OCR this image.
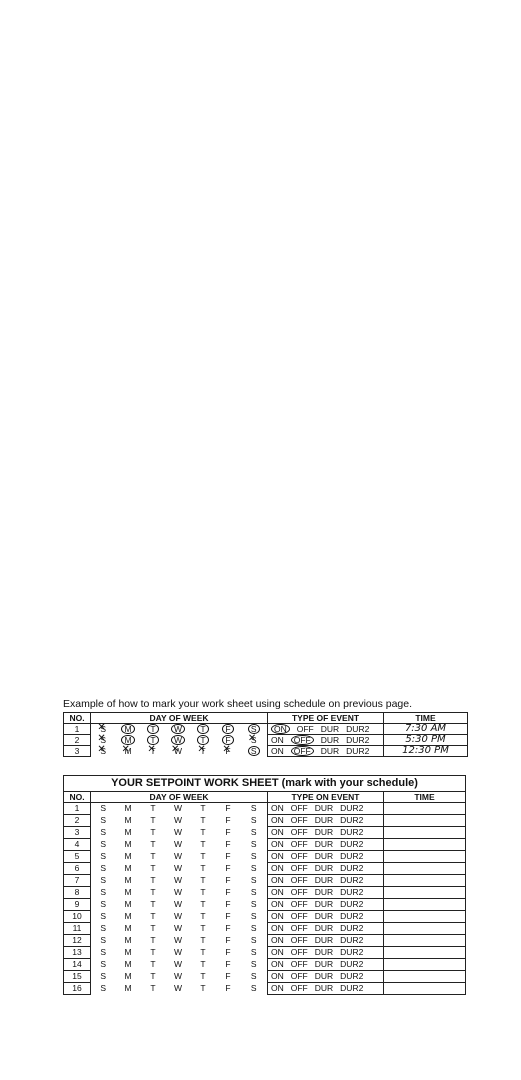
Example of how to mark your work sheet using schedule on previous page.
NO.	DAY OF WEEK							TYPE OF EVENT	TIME
1	S ✕	M	T	W	T	F	S	ON OFF DUR DUR2	7:30 AM
2	S ✕	M	T	W	T	F	S ✕	ON OFF DUR DUR2	5:30 PM
3	S ✕	M ✕	T ✕	W ✕	T ✕	F ✕	S	ON OFF DUR DUR2	12:30 PM
YOUR SETPOINT WORK SHEET (mark with your schedule)									
NO.	DAY OF WEEK							TYPE ON EVENT	TIME
1	S	M	T	W	T	F	S	ON OFF DUR DUR2	
2	S	M	T	W	T	F	S	ON OFF DUR DUR2	
3	S	M	T	W	T	F	S	ON OFF DUR DUR2	
4	S	M	T	W	T	F	S	ON OFF DUR DUR2	
5	S	M	T	W	T	F	S	ON OFF DUR DUR2	
6	S	M	T	W	T	F	S	ON OFF DUR DUR2	
7	S	M	T	W	T	F	S	ON OFF DUR DUR2	
8	S	M	T	W	T	F	S	ON OFF DUR DUR2	
9	S	M	T	W	T	F	S	ON OFF DUR DUR2	
10	S	M	T	W	T	F	S	ON OFF DUR DUR2	
11	S	M	T	W	T	F	S	ON OFF DUR DUR2	
12	S	M	T	W	T	F	S	ON OFF DUR DUR2	
13	S	M	T	W	T	F	S	ON OFF DUR DUR2	
14	S	M	T	W	T	F	S	ON OFF DUR DUR2	
15	S	M	T	W	T	F	S	ON OFF DUR DUR2	
16	S	M	T	W	T	F	S	ON OFF DUR DUR2	
